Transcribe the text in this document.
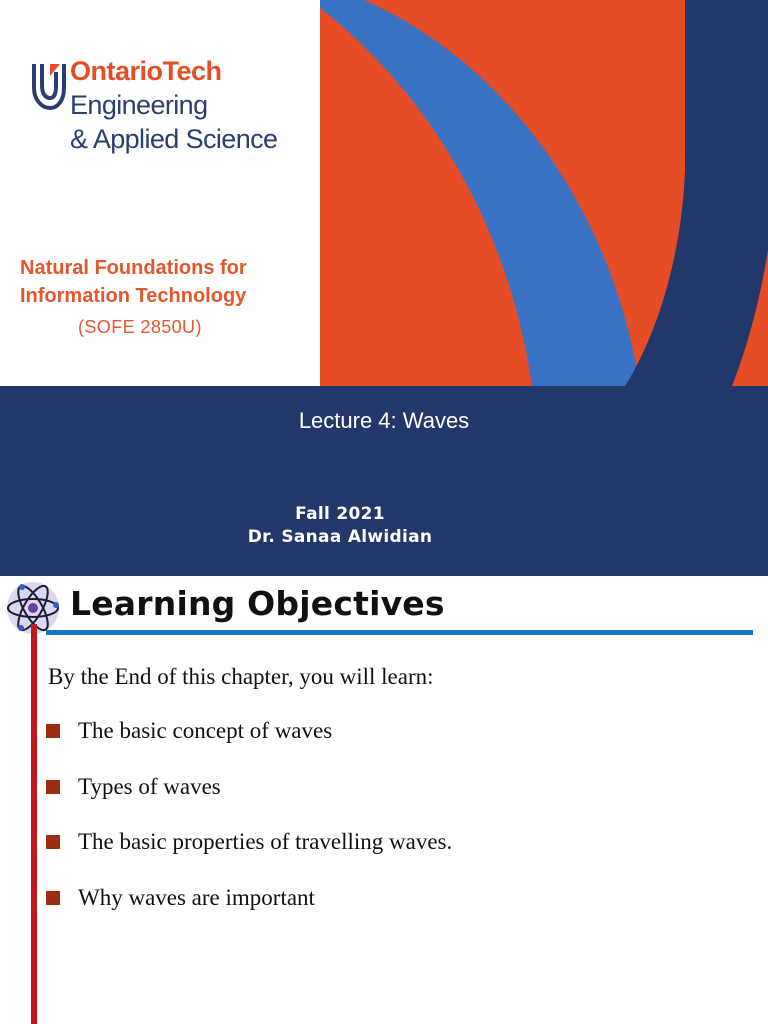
OntarioTech
Engineering
& Applied Science
Natural Foundations for Information Technology
(SOFE 2850U)
Lecture 4: Waves
Fall 2021
Dr. Sanaa Alwidian
Learning Objectives
By the End of this chapter, you will learn:
The basic concept of waves
Types of waves
The basic properties of travelling waves.
Why waves are important
